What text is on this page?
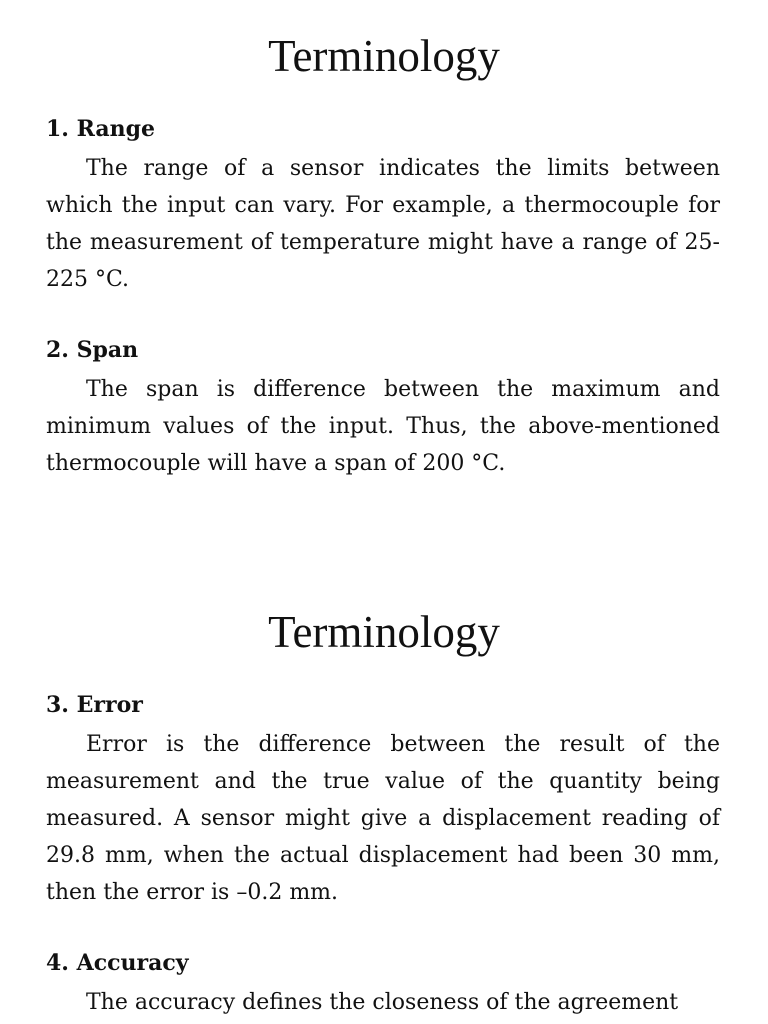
Terminology
1. Range

The range of a sensor indicates the limits between which the input can vary. For example, a thermocouple for the measurement of temperature might have a range of 25-225 °C.

2. Span

The span is difference between the maximum and minimum values of the input. Thus, the above-mentioned thermocouple will have a span of 200 °C.

Terminology
3. Error

Error is the difference between the result of the measurement and the true value of the quantity being measured. A sensor might give a displacement reading of 29.8 mm, when the actual displacement had been 30 mm, then the error is –0.2 mm.

4. Accuracy

The accuracy defines the closeness of the agreement
